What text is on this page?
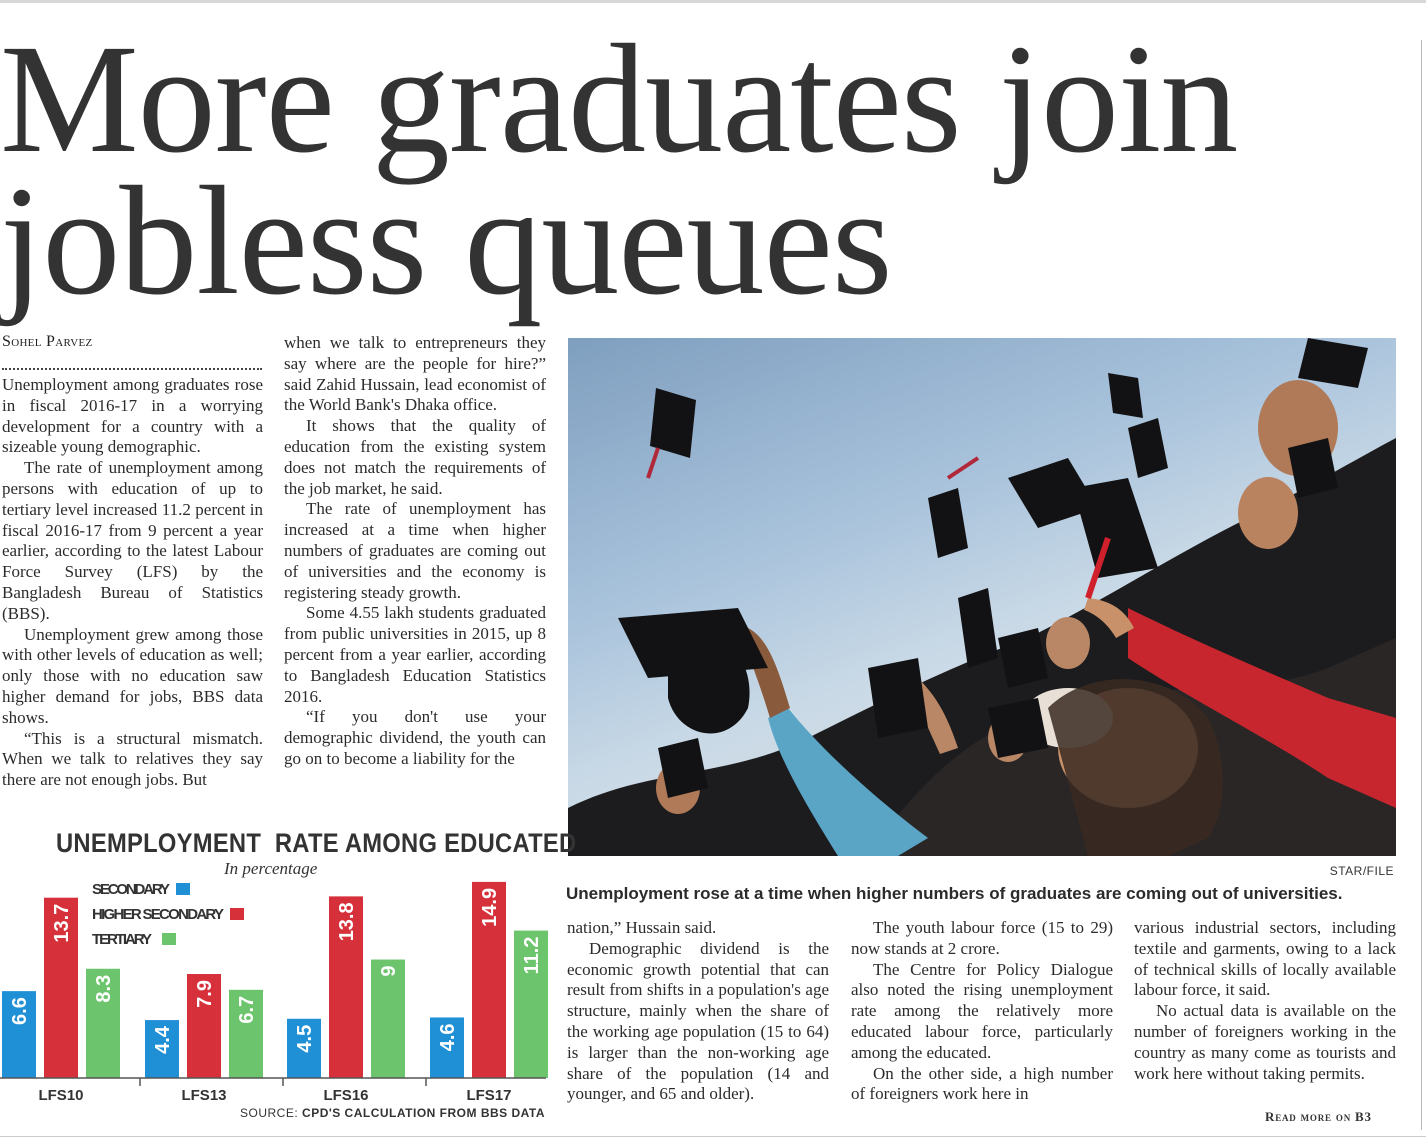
More graduates join jobless queues
Sohel Parvez

Unemployment among graduates rose in fiscal 2016-17 in a worrying development for a country with a sizeable young demographic.

The rate of unemployment among persons with education of up to tertiary level increased 11.2 percent in fiscal 2016-17 from 9 percent a year earlier, according to the latest Labour Force Survey (LFS) by the Bangladesh Bureau of Statistics (BBS).

Unemployment grew among those with other levels of education as well; only those with no education saw higher demand for jobs, BBS data shows.

“This is a structural mismatch. When we talk to relatives they say there are not enough jobs. But

when we talk to entrepreneurs they say where are the people for hire?” said Zahid Hussain, lead economist of the World Bank's Dhaka office.

It shows that the quality of education from the existing system does not match the requirements of the job market, he said.

The rate of unemployment has increased at a time when higher numbers of graduates are coming out of universities and the economy is registering steady growth.

Some 4.55 lakh students graduated from public universities in 2015, up 8 percent from a year earlier, according to Bangladesh Education Statistics 2016.

“If you don't use your demographic dividend, the youth can go on to become a liability for the

STAR/FILE

Unemployment rose at a time when higher numbers of graduates are coming out of universities.

UNEMPLOYMENT  RATE AMONG EDUCATED
In percentage
6.6
13.7
8.3
LFS10
4.4
7.9
6.7
LFS13
4.5
13.8
9
LFS16
4.6
14.9
11.2
LFS17
SECONDARY
HIGHER SECONDARY
TERTIARY
SOURCE: CPD'S CALCULATION FROM BBS DATA

nation,” Hussain said.

Demographic dividend is the economic growth potential that can result from shifts in a population's age structure, mainly when the share of the working age population (15 to 64) is larger than the non-working age share of the population (14 and younger, and 65 and older).

The youth labour force (15 to 29) now stands at 2 crore.

The Centre for Policy Dialogue also noted the rising unemployment rate among the relatively more educated labour force, particularly among the educated.

On the other side, a high number of foreigners work here in

various industrial sectors, including textile and garments, owing to a lack of technical skills of locally available labour force, it said.

No actual data is available on the number of foreigners working in the country as many come as tourists and work here without taking permits.

Read more on B3
